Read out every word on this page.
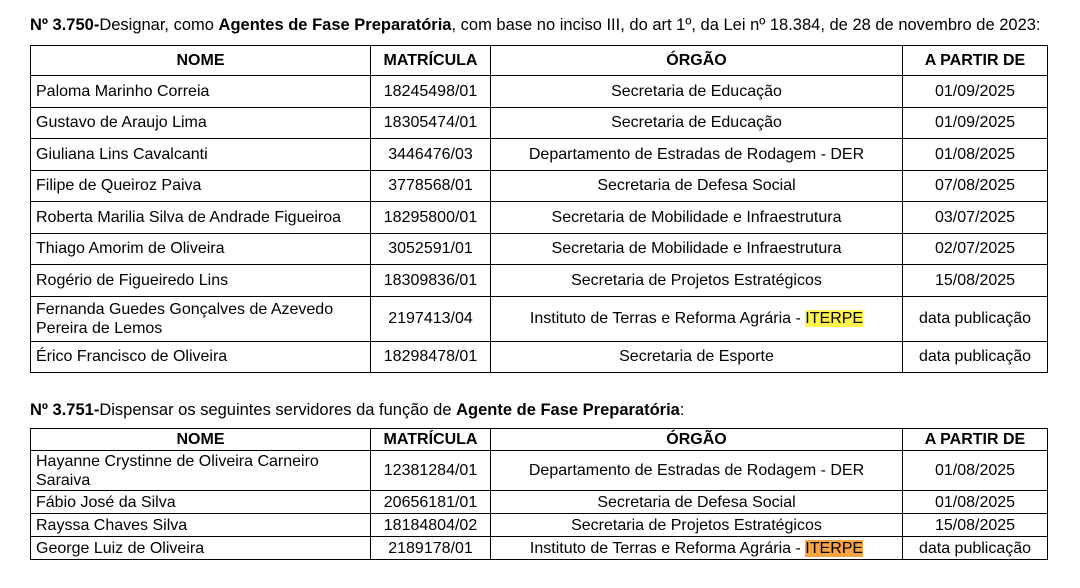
Nº 3.750-Designar, como Agentes de Fase Preparatória, com base no inciso III, do art 1º, da Lei nº 18.384, de 28 de novembro de 2023:
NOME	MATRÍCULA	ÓRGÃO	A PARTIR DE
Paloma Marinho Correia	18245498/01	Secretaria de Educação	01/09/2025
Gustavo de Araujo Lima	18305474/01	Secretaria de Educação	01/09/2025
Giuliana Lins Cavalcanti	3446476/03	Departamento de Estradas de Rodagem - DER	01/08/2025
Filipe de Queiroz Paiva	3778568/01	Secretaria de Defesa Social	07/08/2025
Roberta Marilia Silva de Andrade Figueiroa	18295800/01	Secretaria de Mobilidade e Infraestrutura	03/07/2025
Thiago Amorim de Oliveira	3052591/01	Secretaria de Mobilidade e Infraestrutura	02/07/2025
Rogério de Figueiredo Lins	18309836/01	Secretaria de Projetos Estratégicos	15/08/2025
Fernanda Guedes Gonçalves de Azevedo
Pereira de Lemos	2197413/04	Instituto de Terras e Reforma Agrária - ITERPE	data publicação
Érico Francisco de Oliveira	18298478/01	Secretaria de Esporte	data publicação
Nº 3.751-Dispensar os seguintes servidores da função de Agente de Fase Preparatória:
NOME	MATRÍCULA	ÓRGÃO	A PARTIR DE
Hayanne Crystinne de Oliveira Carneiro
Saraiva	12381284/01	Departamento de Estradas de Rodagem - DER	01/08/2025
Fábio José da Silva	20656181/01	Secretaria de Defesa Social	01/08/2025
Rayssa Chaves Silva	18184804/02	Secretaria de Projetos Estratégicos	15/08/2025
George Luiz de Oliveira	2189178/01	Instituto de Terras e Reforma Agrária - ITERPE	data publicação
